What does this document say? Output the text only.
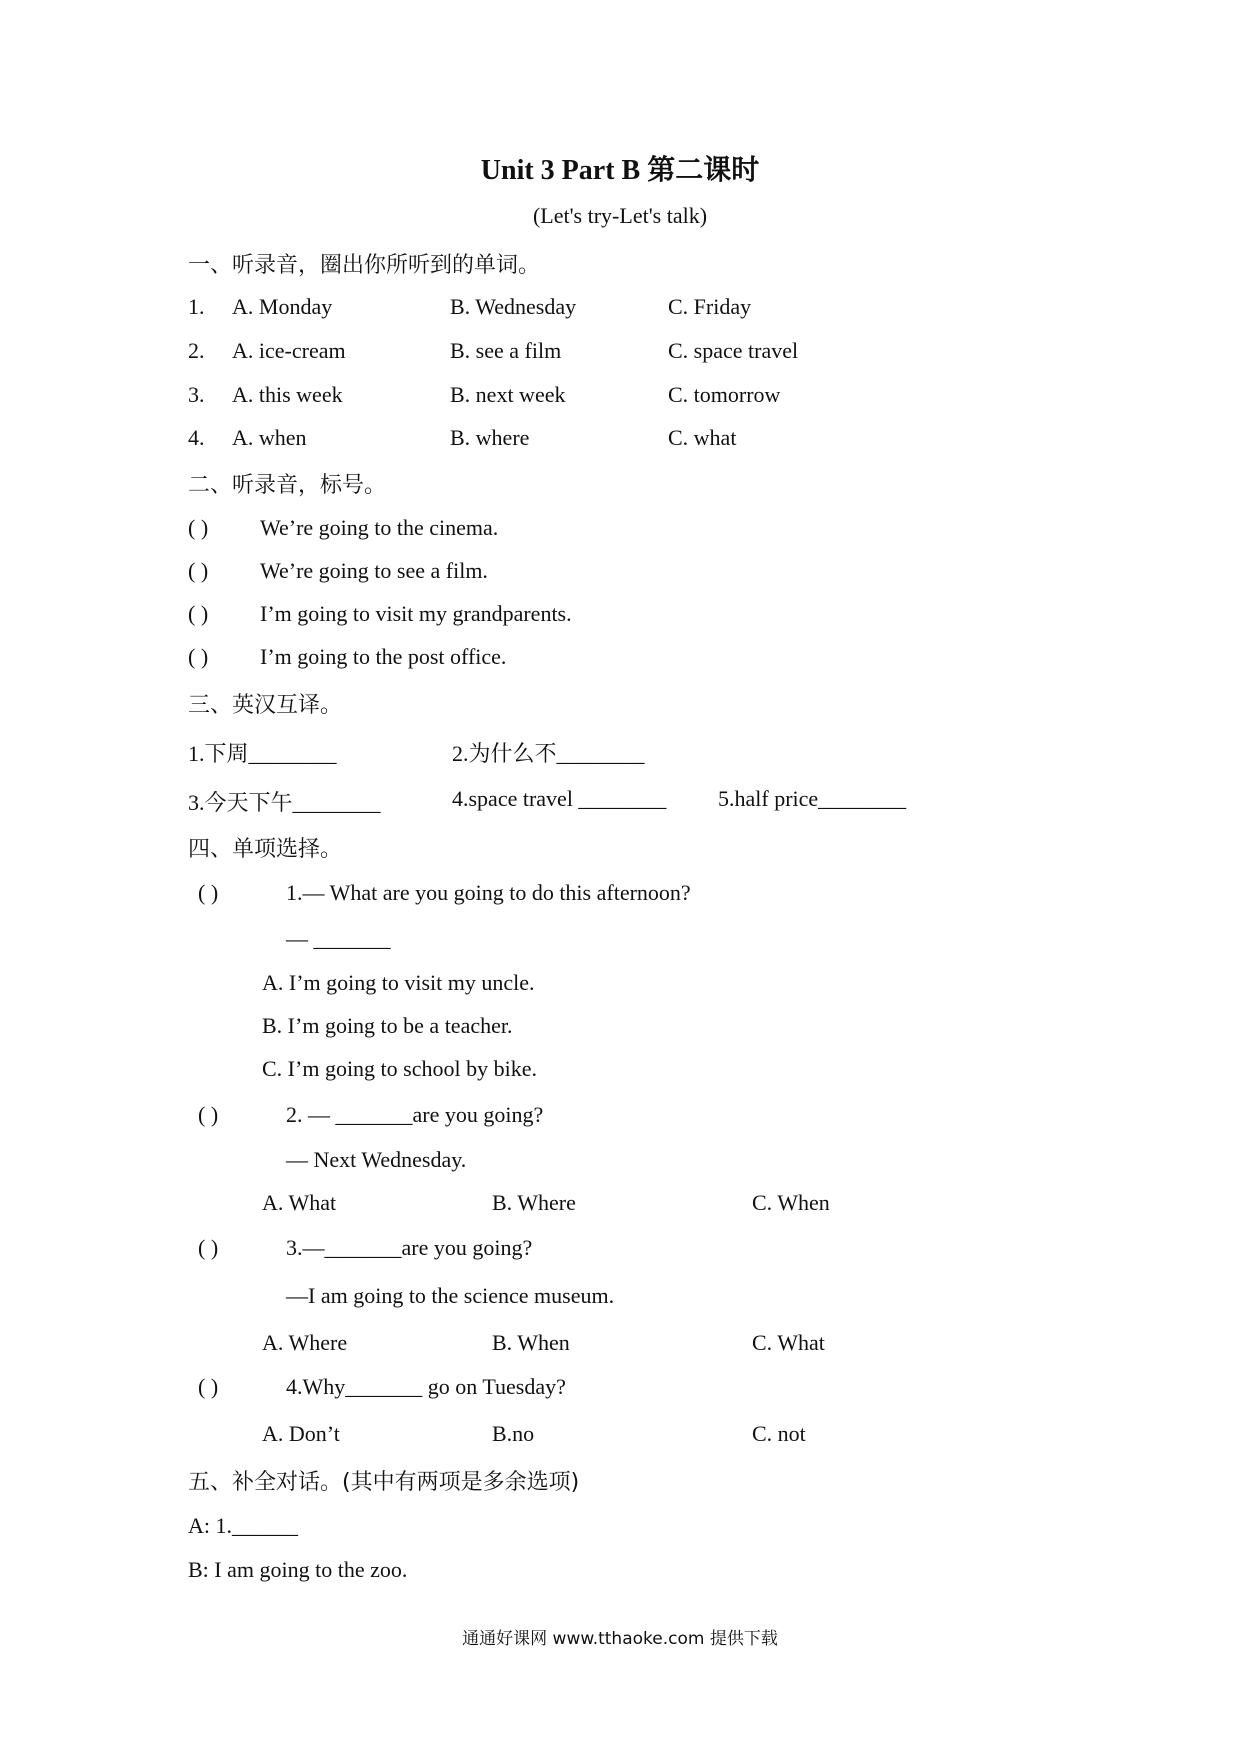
Unit 3 Part B 第二课时
(Let's try-Let's talk)
一、听录音，圈出你所听到的单词。
1. A. Monday	B. Wednesday	C. Friday
2. A. ice-cream	B. see a film	C. space travel
3. A. this week	B. next week	C. tomorrow
4. A. when	B. where	C. what
二、听录音，标号。
( ) We’re going to the cinema.
( ) We’re going to see a film.
( ) I’m going to visit my grandparents.
( ) I’m going to the post office.
三、英汉互译。
1.下周________	2.为什么不________
3.今天下午________	4.space travel ________ 5.half price________
四、单项选择。
( )	1.— What are you going to do this afternoon?
— _______
A. I’m going to visit my uncle.
B. I’m going to be a teacher.
C. I’m going to school by bike.
( )	2. — _______are you going?
— Next Wednesday.
A. What	B. Where	C. When
( )	3.—_______are you going?
—I am going to the science museum.
A. Where	B. When	C. What
( )	4.Why_______ go on Tuesday?
A. Don’t	B.no	C. not
五、补全对话。(其中有两项是多余选项)
A: 1.______
B: I am going to the zoo.
通通好课网 www.tthaoke.com 提供下载
